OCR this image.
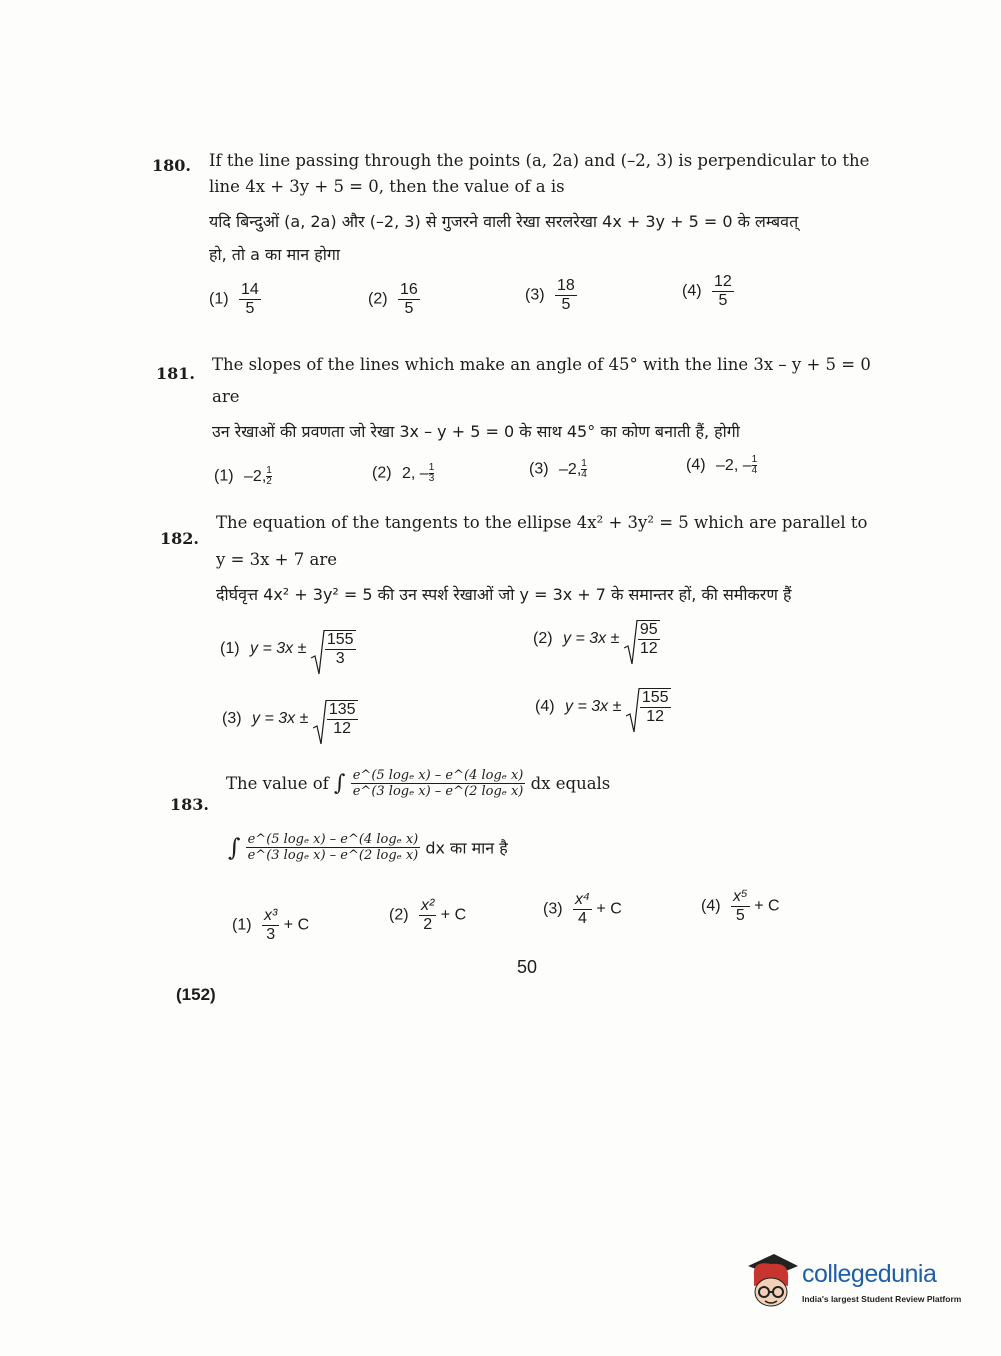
180. If the line passing through the points (a, 2a) and (–2, 3) is perpendicular to the
line 4x + 3y + 5 = 0, then the value of a is
यदि बिन्दुओं (a, 2a) और (–2, 3) से गुजरने वाली रेखा सरलरेखा 4x + 3y + 5 = 0 के लम्बवत्
हो, तो a का मान होगा
$(1) \frac{14}{5}$	$(2) \frac{16}{5}$	$(3) \frac{18}{5}$	$(4) \frac{12}{5}$
181. The slopes of the lines which make an angle of 45° with the line 3x – y + 5 = 0
are
उन रेखाओं की प्रवणता जो रेखा 3x – y + 5 = 0 के साथ 45° का कोण बनाती हैं, होगी
(1) –2, $\frac{1}{2}$	(2) 2, – $\frac{1}{3}$	(3) –2, $\frac{1}{4}$	(4) –2, – $\frac{1}{4}$
182.
The equation of the tangents to the ellipse 4x² + 3y² = 5 which are parallel to
y = 3x + 7 are
दीर्घवृत्त 4x² + 3y² = 5 की उन स्पर्श रेखाओं जो y = 3x + 7 के समान्तर हों, की समीकरण हैं
(1) $y = 3x \pm \frac{155}{3}$	(2) $y = 3x \pm \frac{95}{12}$
(3) $y = 3x \pm \frac{135}{12}$	(4) $y = 3x \pm \frac{155}{12}$
183.
The value of ∫ $\frac{\text{e\textasciicircum{}(5 logₑ x) – e\textasciicircum{}(4 logₑ x)}}{\text{e\textasciicircum{}(3 logₑ x) – e\textasciicircum{}(2 logₑ x)}}$ dx equals
∫ $\frac{\text{e\textasciicircum{}(5 logₑ x) – e\textasciicircum{}(4 logₑ x)}}{\text{e\textasciicircum{}(3 logₑ x) – e\textasciicircum{}(2 logₑ x)}}$ dx का मान है
$(1) \frac{\text{x³}}{3} + C$
$(2) \frac{\text{x²}}{2} + C$	$(3) \frac{\text{x⁴}}{4} + C$	$(4) \frac{\text{x⁵}}{5} + C$
50
(152)
collegedunia
India's largest Student Review Platform
